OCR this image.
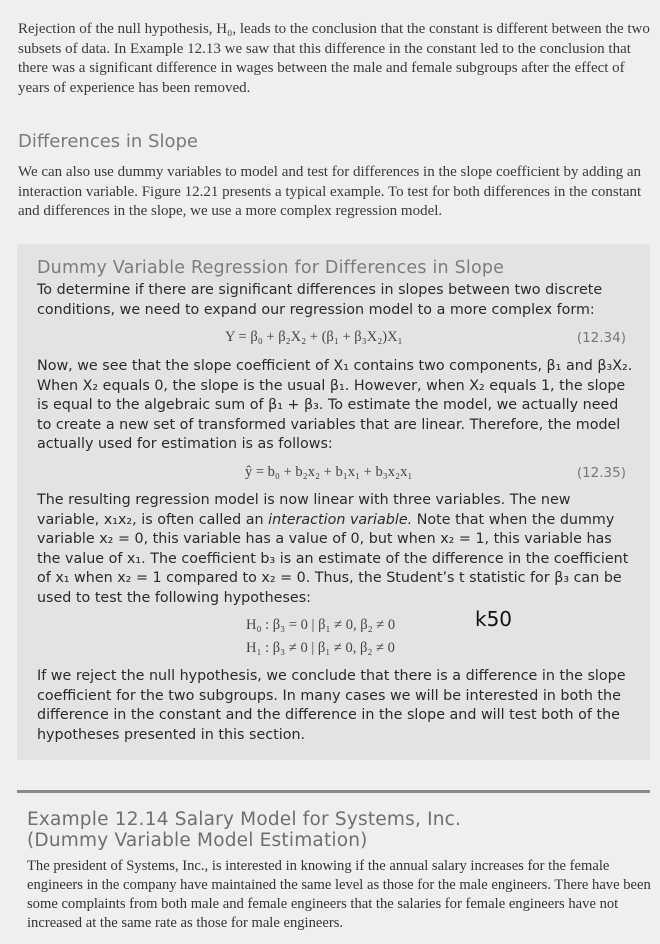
Rejection of the null hypothesis, H₀, leads to the conclusion that the constant is different between the two subsets of data. In Example 12.13 we saw that this difference in the constant led to the conclusion that there was a significant difference in wages between the male and female subgroups after the effect of years of experience has been removed.
Differences in Slope
We can also use dummy variables to model and test for differences in the slope coefficient by adding an interaction variable. Figure 12.21 presents a typical example. To test for both differences in the constant and differences in the slope, we use a more complex regression model.
Dummy Variable Regression for Differences in Slope
To determine if there are significant differences in slopes between two discrete conditions, we need to expand our regression model to a more complex form:
Y = β₀ + β₂X₂ + (β₁ + β₃X₂)X₁	(12.34)
Now, we see that the slope coefficient of X₁ contains two components, β₁ and β₃X₂. When X₂ equals 0, the slope is the usual β₁. However, when X₂ equals 1, the slope is equal to the algebraic sum of β₁ + β₃. To estimate the model, we actually need to create a new set of transformed variables that are linear. Therefore, the model actually used for estimation is as follows:
ŷ = b₀ + b₂x₂ + b₁x₁ + b₃x₂x₁	(12.35)
The resulting regression model is now linear with three variables. The new variable, x₁x₂, is often called an interaction variable. Note that when the dummy variable x₂ = 0, this variable has a value of 0, but when x₂ = 1, this variable has the value of x₁. The coefficient b₃ is an estimate of the difference in the coefficient of x₁ when x₂ = 1 compared to x₂ = 0. Thus, the Student’s t statistic for β₃ can be used to test the following hypotheses:
H₀ : β₃ = 0 | β₁ ≠ 0, β₂ ≠ 0
H₁ : β₃ ≠ 0 | β₁ ≠ 0, β₂ ≠ 0
k50
If we reject the null hypothesis, we conclude that there is a difference in the slope coefficient for the two subgroups. In many cases we will be interested in both the difference in the constant and the difference in the slope and will test both of the hypotheses presented in this section.
Example 12.14 Salary Model for Systems, Inc.
(Dummy Variable Model Estimation)
The president of Systems, Inc., is interested in knowing if the annual salary increases for the female engineers in the company have maintained the same level as those for the male engineers. There have been some complaints from both male and female engineers that the salaries for female engineers have not increased at the same rate as those for male engineers.
